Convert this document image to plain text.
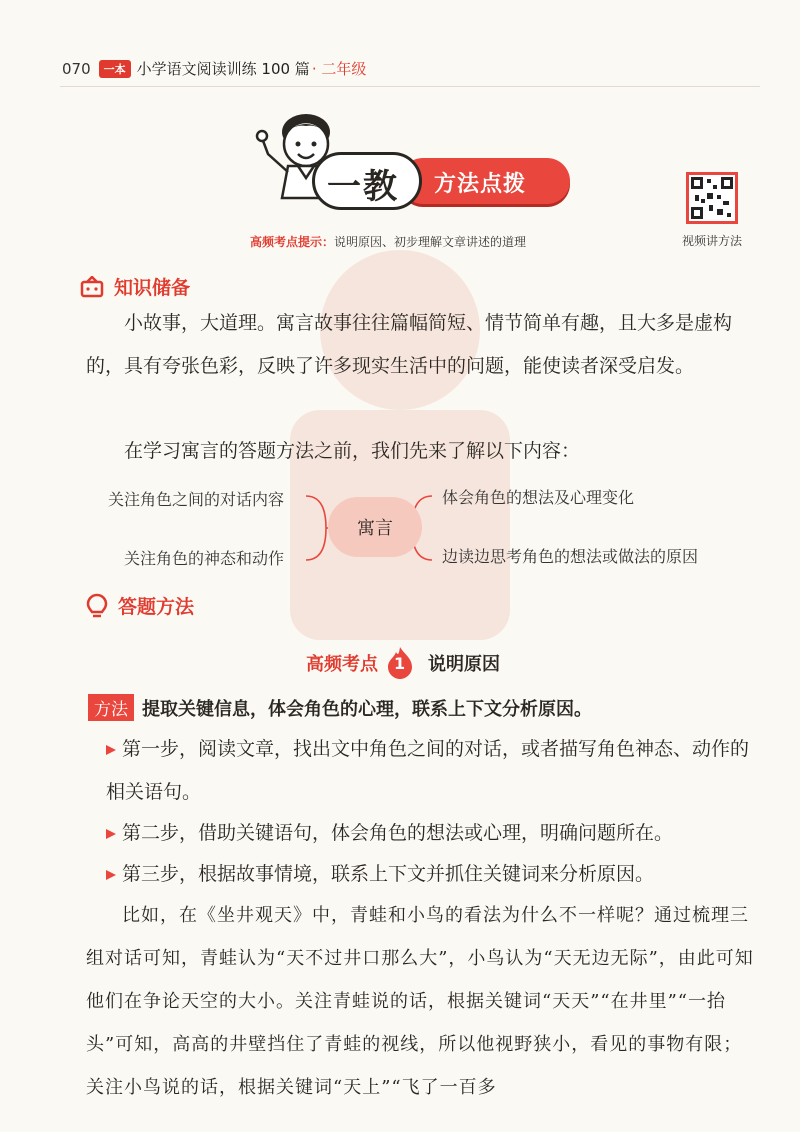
070	一本 小学语文阅读训练 100 篇 · 二年级
方法点拨
一教
高频考点提示：说明原因、初步理解文章讲述的道理	视频讲方法
知识储备
小故事，大道理。寓言故事往往篇幅简短、情节简单有趣，且大多是虚构的，具有夸张色彩，反映了许多现实生活中的问题，能使读者深受启发。
在学习寓言的答题方法之前，我们先来了解以下内容：
寓言
关注角色之间的对话内容
关注角色的神态和动作
体会角色的想法及心理变化
边读边思考角色的想法或做法的原因
答题方法
高频考点 1 说明原因
方法 提取关键信息，体会角色的心理，联系上下文分析原因。
第一步，阅读文章，找出文中角色之间的对话，或者描写角色神态、动作的相关语句。
第二步，借助关键语句，体会角色的想法或心理，明确问题所在。
第三步，根据故事情境，联系上下文并抓住关键词来分析原因。
比如，在《坐井观天》中，青蛙和小鸟的看法为什么不一样呢？通过梳理三组对话可知，青蛙认为“天不过井口那么大”，小鸟认为“天无边无际”，由此可知他们在争论天空的大小。关注青蛙说的话，根据关键词“天天”“在井里”“一抬头”可知，高高的井壁挡住了青蛙的视线，所以他视野狭小，看见的事物有限；关注小鸟说的话，根据关键词“天上”“飞了一百多
